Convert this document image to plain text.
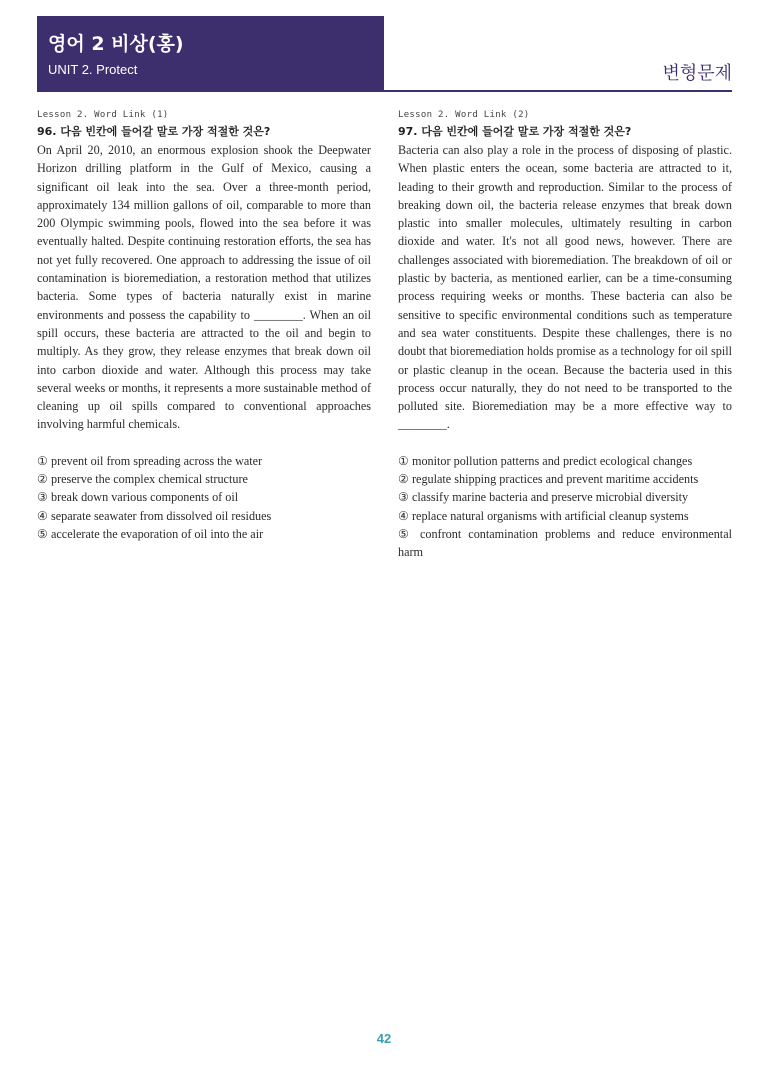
영어 2 비상(홍)
UNIT 2. Protect	변형문제
Lesson 2. Word Link (1)
96. 다음 빈칸에 들어갈 말로 가장 적절한 것은?

On April 20, 2010, an enormous explosion shook the Deepwater Horizon drilling platform in the Gulf of Mexico, causing a significant oil leak into the sea. Over a three-month period, approximately 134 million gallons of oil, comparable to more than 200 Olympic swimming pools, flowed into the sea before it was eventually halted. Despite continuing restoration efforts, the sea has not yet fully recovered. One approach to addressing the issue of oil contamination is bioremediation, a restoration method that utilizes bacteria. Some types of bacteria naturally exist in marine environments and possess the capability to ________. When an oil spill occurs, these bacteria are attracted to the oil and begin to multiply. As they grow, they release enzymes that break down oil into carbon dioxide and water. Although this process may take several weeks or months, it represents a more sustainable method of cleaning up oil spills compared to conventional approaches involving harmful chemicals.

① prevent oil from spreading across the water
② preserve the complex chemical structure
③ break down various components of oil
④ separate seawater from dissolved oil residues
⑤ accelerate the evaporation of oil into the air
Lesson 2. Word Link (2)
97. 다음 빈칸에 들어갈 말로 가장 적절한 것은?

Bacteria can also play a role in the process of disposing of plastic. When plastic enters the ocean, some bacteria are attracted to it, leading to their growth and reproduction. Similar to the process of breaking down oil, the bacteria release enzymes that break down plastic into smaller molecules, ultimately resulting in carbon dioxide and water. It's not all good news, however. There are challenges associated with bioremediation. The breakdown of oil or plastic by bacteria, as mentioned earlier, can be a time-consuming process requiring weeks or months. These bacteria can also be sensitive to specific environmental conditions such as temperature and sea water constituents. Despite these challenges, there is no doubt that bioremediation holds promise as a technology for oil spill or plastic cleanup in the ocean. Because the bacteria used in this process occur naturally, they do not need to be transported to the polluted site. Bioremediation may be a more effective way to ________.

① monitor pollution patterns and predict ecological changes
② regulate shipping practices and prevent maritime accidents
③ classify marine bacteria and preserve microbial diversity
④ replace natural organisms with artificial cleanup systems
⑤ confront contamination problems and reduce environmental harm
42
